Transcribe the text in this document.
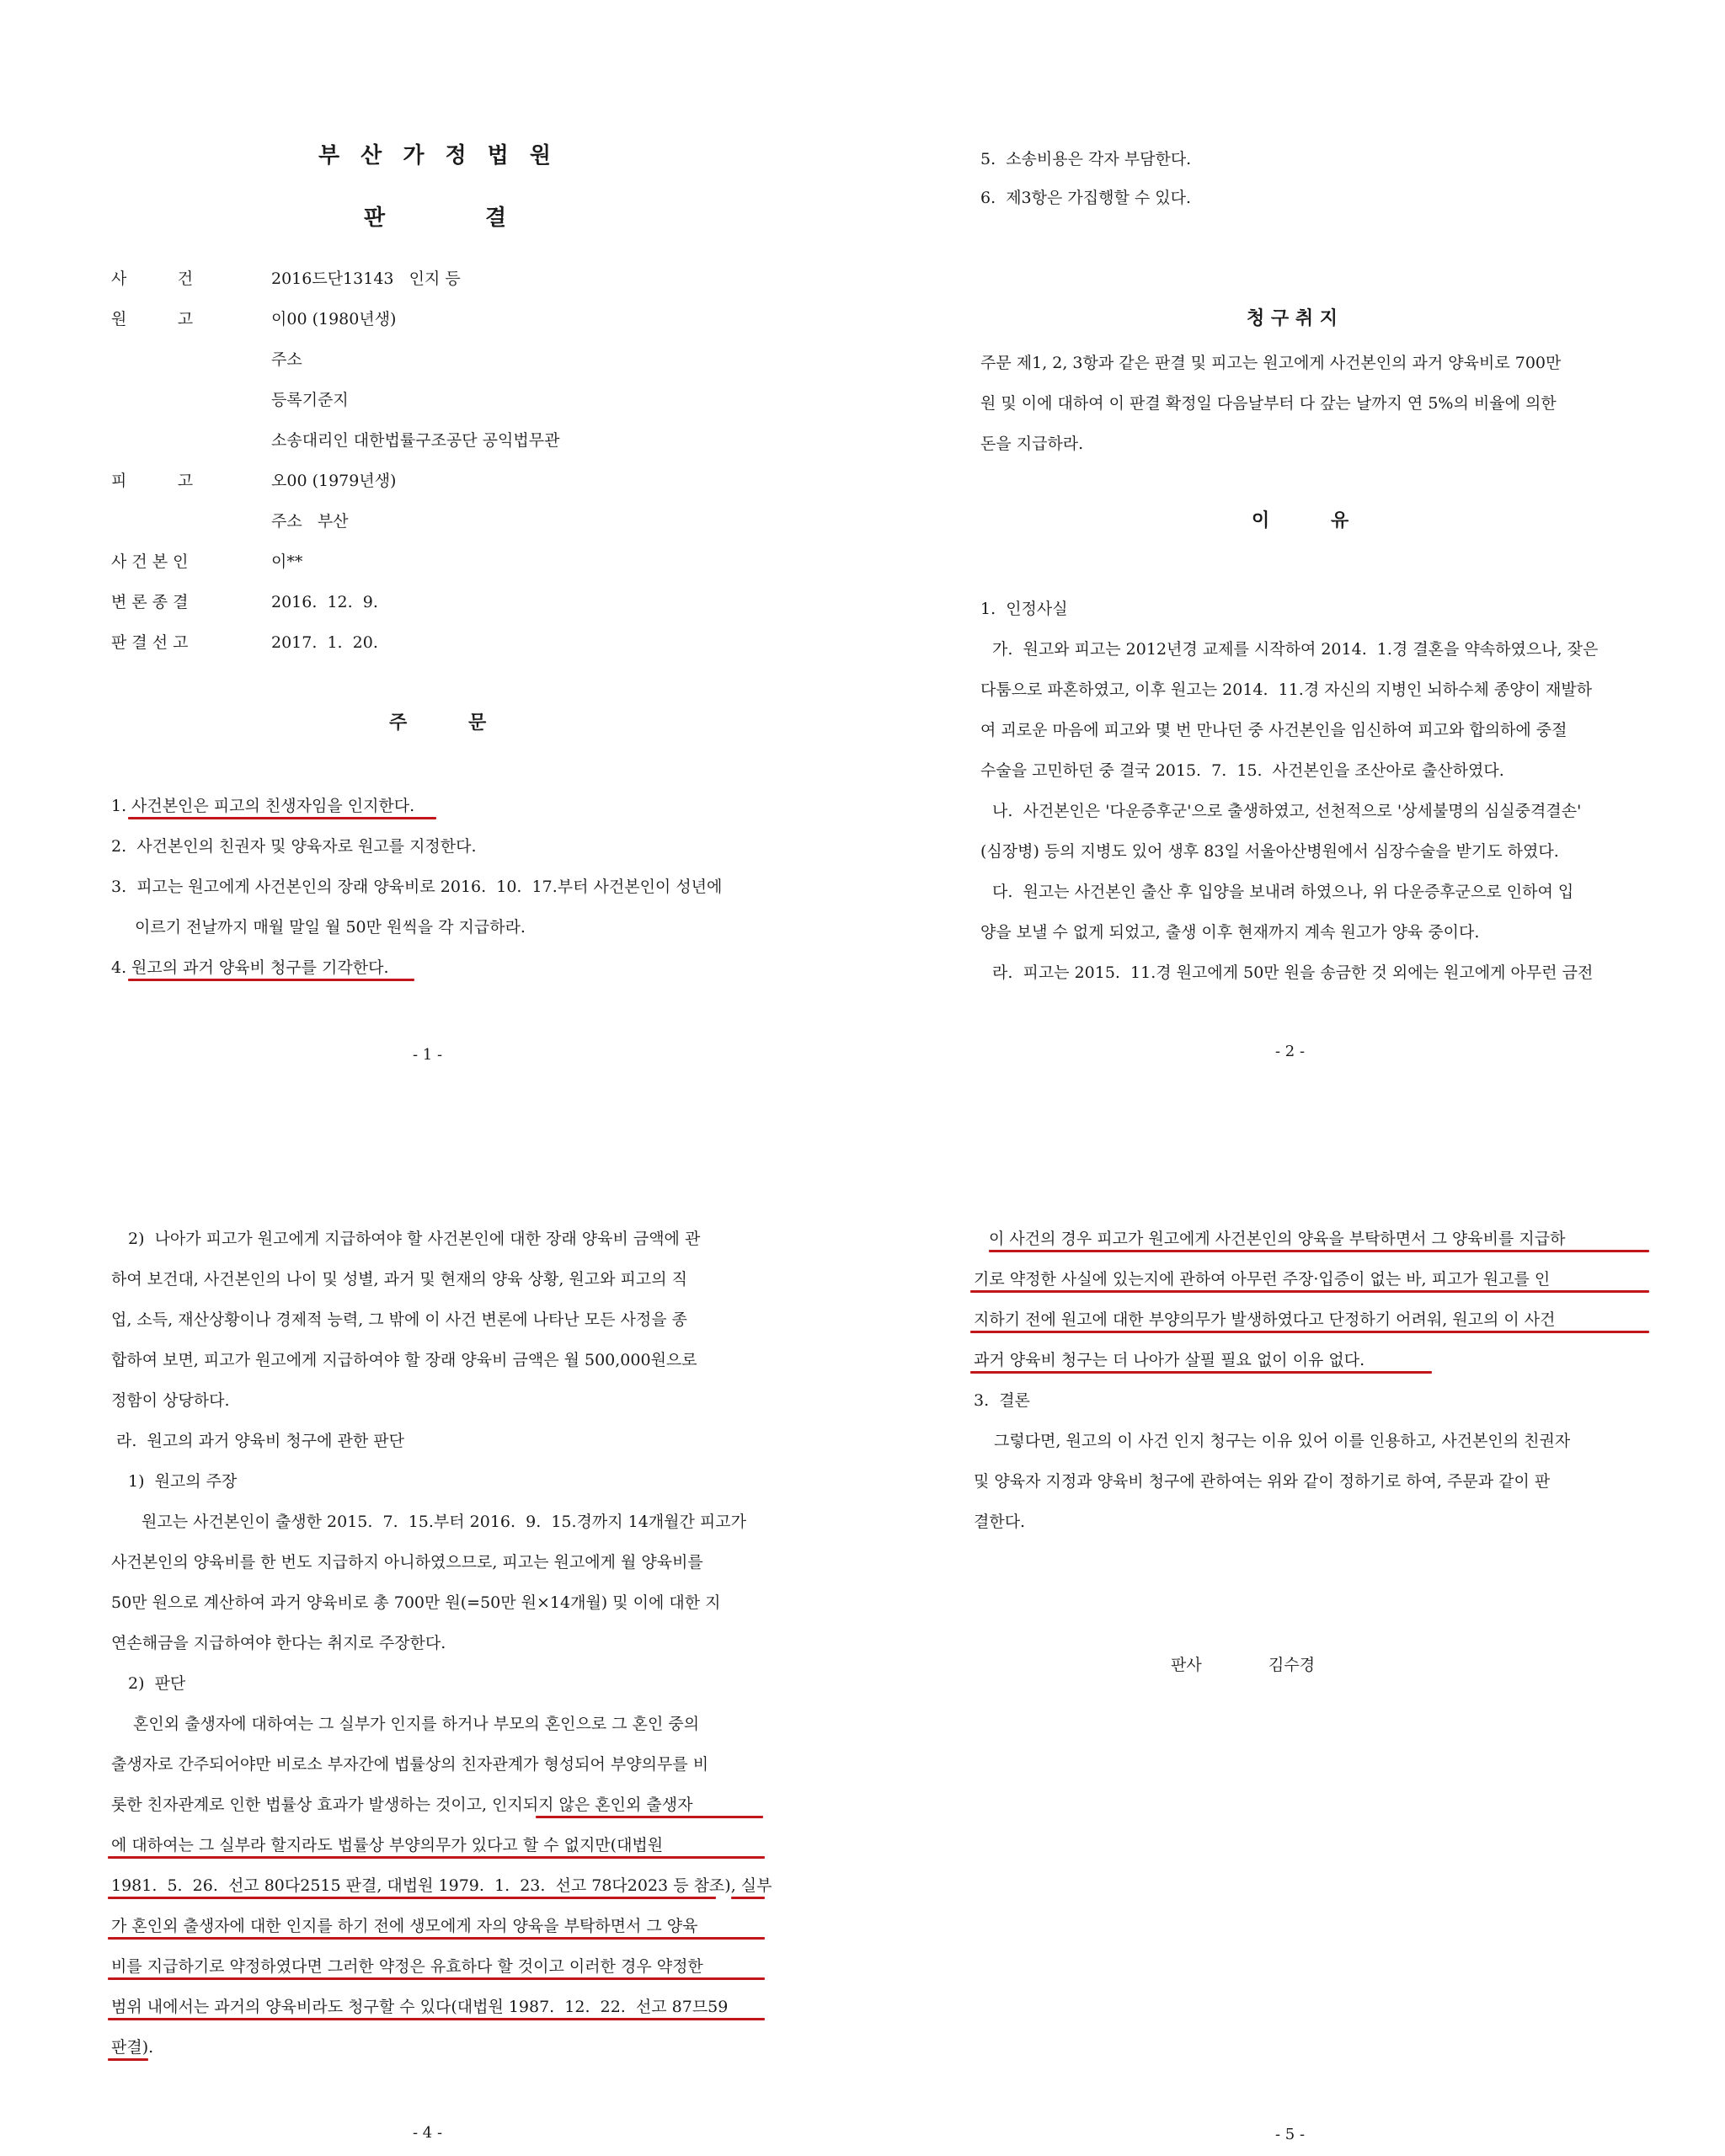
부 산 가 정 법 원
판	결
사          건	2016드단13143   인지 등
원          고	이00 (1980년생)
주소
등록기준지
소송대리인 대한법률구조공단 공익법무관
피          고	오00 (1979년생)
주소   부산
사 건 본 인	이**
변 론 종 결	2016.  12.  9.
판 결 선 고	2017.  1.  20.
주	문
1. 사건본인은 피고의 친생자임을 인지한다.
2.  사건본인의 친권자 및 양육자로 원고를 지정한다.
3.  피고는 원고에게 사건본인의 장래 양육비로 2016.  10.  17.부터 사건본인이 성년에
이르기 전날까지 매월 말일 월 50만 원씩을 각 지급하라.
4. 원고의 과거 양육비 청구를 기각한다.
- 1 -
5.  소송비용은 각자 부담한다.
6.  제3항은 가집행할 수 있다.
청 구 취 지
주문 제1, 2, 3항과 같은 판결 및 피고는 원고에게 사건본인의 과거 양육비로 700만
원 및 이에 대하여 이 판결 확정일 다음날부터 다 갚는 날까지 연 5%의 비율에 의한
돈을 지급하라.
이	유
1.  인정사실
가.  원고와 피고는 2012년경 교제를 시작하여 2014.  1.경 결혼을 약속하였으나, 잦은
다툼으로 파혼하였고, 이후 원고는 2014.  11.경 자신의 지병인 뇌하수체 종양이 재발하
여 괴로운 마음에 피고와 몇 번 만나던 중 사건본인을 임신하여 피고와 합의하에 중절
수술을 고민하던 중 결국 2015.  7.  15.  사건본인을 조산아로 출산하였다.
나.  사건본인은 '다운증후군'으로 출생하였고, 선천적으로 '상세불명의 심실중격결손'
(심장병) 등의 지병도 있어 생후 83일 서울아산병원에서 심장수술을 받기도 하였다.
다.  원고는 사건본인 출산 후 입양을 보내려 하였으나, 위 다운증후군으로 인하여 입
양을 보낼 수 없게 되었고, 출생 이후 현재까지 계속 원고가 양육 중이다.
라.  피고는 2015.  11.경 원고에게 50만 원을 송금한 것 외에는 원고에게 아무런 금전
- 2 -
2)  나아가 피고가 원고에게 지급하여야 할 사건본인에 대한 장래 양육비 금액에 관
하여 보건대, 사건본인의 나이 및 성별, 과거 및 현재의 양육 상황, 원고와 피고의 직
업, 소득, 재산상황이나 경제적 능력, 그 밖에 이 사건 변론에 나타난 모든 사정을 종
합하여 보면, 피고가 원고에게 지급하여야 할 장래 양육비 금액은 월 500,000원으로
정함이 상당하다.
라.  원고의 과거 양육비 청구에 관한 판단
1)  원고의 주장
원고는 사건본인이 출생한 2015.  7.  15.부터 2016.  9.  15.경까지 14개월간 피고가
사건본인의 양육비를 한 번도 지급하지 아니하였으므로, 피고는 원고에게 월 양육비를
50만 원으로 계산하여 과거 양육비로 총 700만 원(=50만 원×14개월) 및 이에 대한 지
연손해금을 지급하여야 한다는 취지로 주장한다.
2)  판단
혼인외 출생자에 대하여는 그 실부가 인지를 하거나 부모의 혼인으로 그 혼인 중의
출생자로 간주되어야만 비로소 부자간에 법률상의 친자관계가 형성되어 부양의무를 비
롯한 친자관계로 인한 법률상 효과가 발생하는 것이고, 인지되지 않은 혼인외 출생자
에 대하여는 그 실부라 할지라도 법률상 부양의무가 있다고 할 수 없지만(대법원
1981.  5.  26.  선고 80다2515 판결, 대법원 1979.  1.  23.  선고 78다2023 등 참조), 실부
가 혼인외 출생자에 대한 인지를 하기 전에 생모에게 자의 양육을 부탁하면서 그 양육
비를 지급하기로 약정하였다면 그러한 약정은 유효하다 할 것이고 이러한 경우 약정한
범위 내에서는 과거의 양육비라도 청구할 수 있다(대법원 1987.  12.  22.  선고 87므59
판결).
- 4 -
이 사건의 경우 피고가 원고에게 사건본인의 양육을 부탁하면서 그 양육비를 지급하
기로 약정한 사실에 있는지에 관하여 아무런 주장·입증이 없는 바, 피고가 원고를 인
지하기 전에 원고에 대한 부양의무가 발생하였다고 단정하기 어려워, 원고의 이 사건
과거 양육비 청구는 더 나아가 살필 필요 없이 이유 없다.
3.  결론
그렇다면, 원고의 이 사건 인지 청구는 이유 있어 이를 인용하고, 사건본인의 친권자
및 양육자 지정과 양육비 청구에 관하여는 위와 같이 정하기로 하여, 주문과 같이 판
결한다.
판사	김수경
- 5 -
